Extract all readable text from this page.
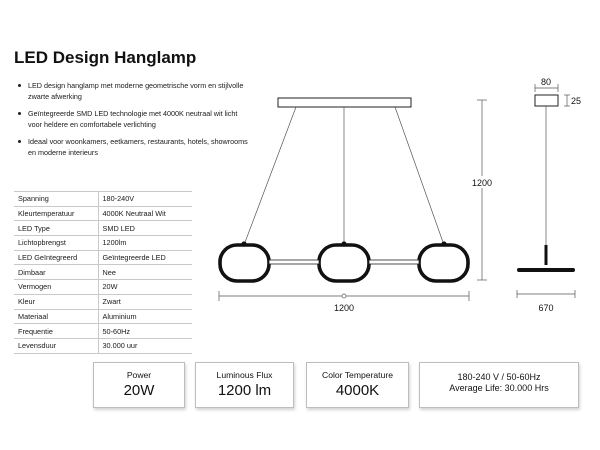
LED Design Hanglamp
LED design hanglamp met moderne geometrische vorm en stijlvolle zwarte afwerking
Geïntegreerde SMD LED technologie met 4000K neutraal wit licht voor heldere en comfortabele verlichting
Ideaal voor woonkamers, eetkamers, restaurants, hotels, showrooms en moderne interieurs
Spanning	180-240V
Kleurtemperatuur	4000K Neutraal Wit
LED Type	SMD LED
Lichtopbrengst	1200lm
LED Geïntegreerd	Geïntegreerde LED
Dimbaar	Nee
Vermogen	20W
Kleur	Zwart
Materiaal	Aluminium
Frequentie	50-60Hz
Levensduur	30.000 uur
1200
1200
80
25
670
Power
20W
Luminous Flux
1200 lm
Color Temperature
4000K
180-240 V / 50-60Hz
Average Life: 30.000 Hrs
